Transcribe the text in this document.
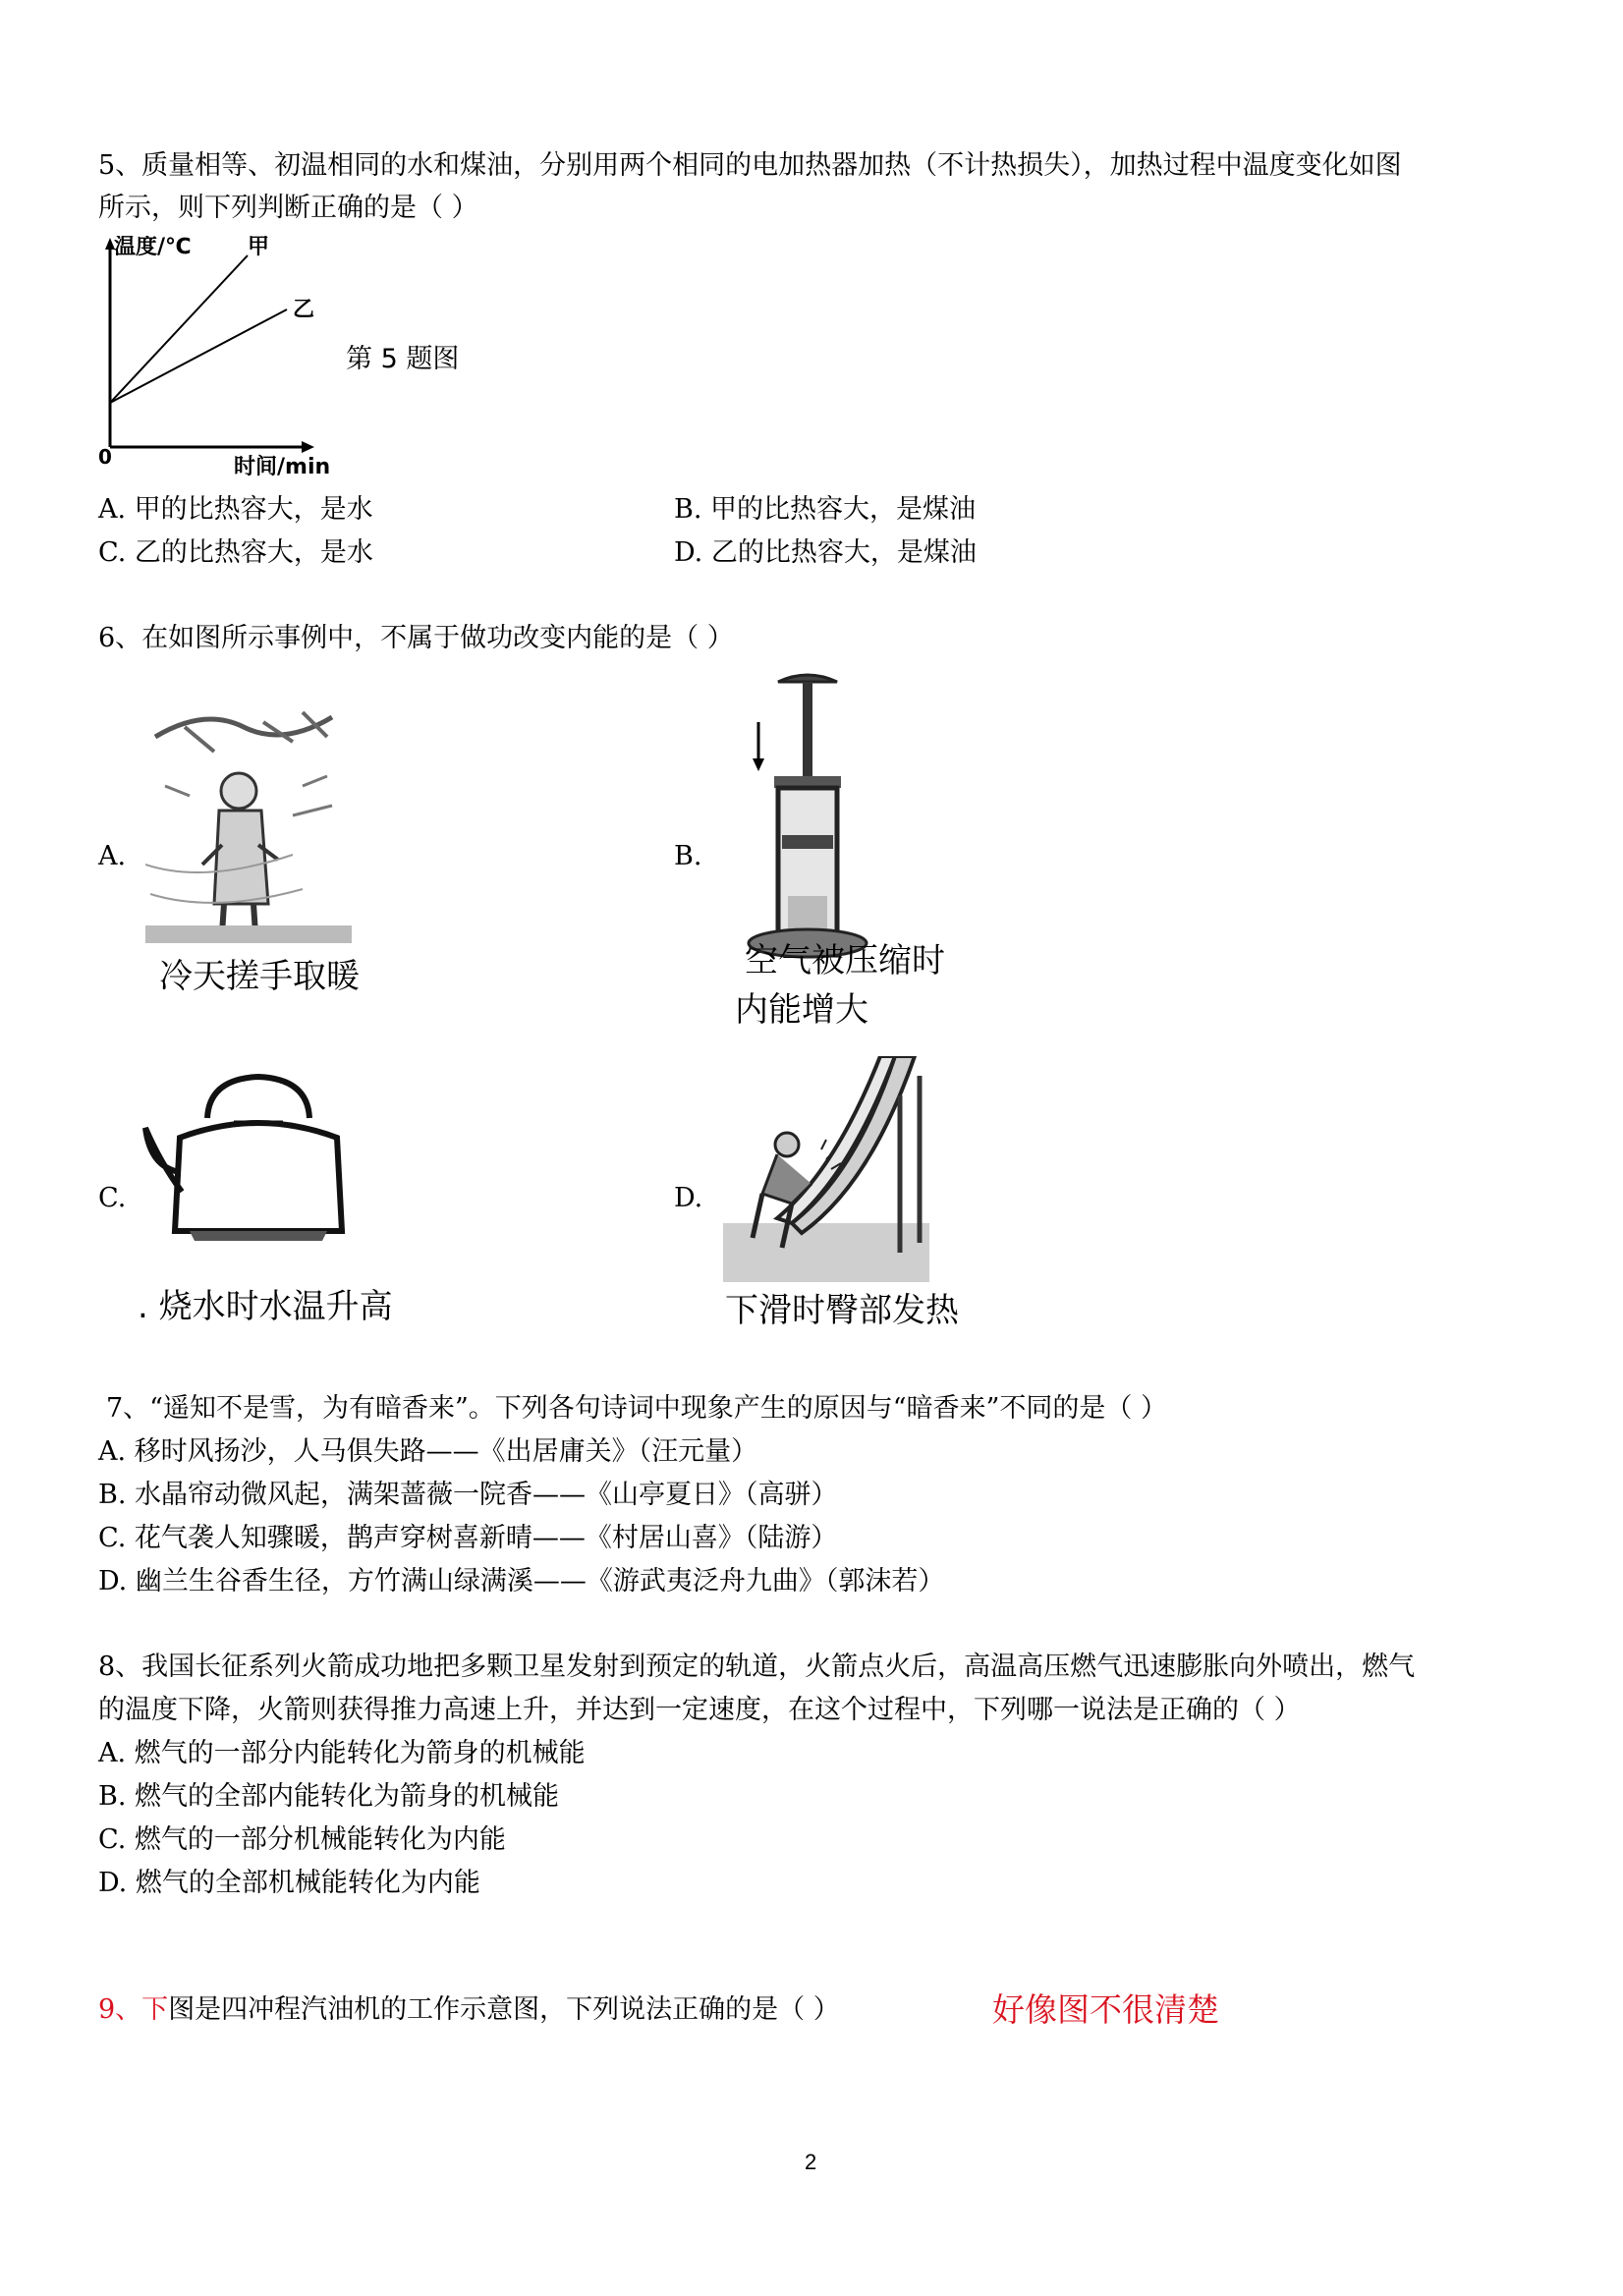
5、质量相等、初温相同的水和煤油，分别用两个相同的电加热器加热（不计热损失），加热过程中温度变化如图
所示，则下列判断正确的是（ ）
温度/℃	甲
乙
0	时间/min
第 5 题图
A. 甲的比热容大，是水	B. 甲的比热容大，是煤油
C. 乙的比热容大，是水	D. 乙的比热容大，是煤油
6、在如图所示事例中，不属于做功改变内能的是（ ）
A.
冷天搓手取暖
B.
空气被压缩时
内能增大
C.
. 烧水时水温升高
D.
下滑时臀部发热
7、“遥知不是雪，为有暗香来”。下列各句诗词中现象产生的原因与“暗香来”不同的是（ ）
A. 移时风扬沙，人马俱失路——《出居庸关》（汪元量）
B. 水晶帘动微风起，满架蔷薇一院香——《山亭夏日》（高骈）
C. 花气袭人知骤暖，鹊声穿树喜新晴——《村居山喜》（陆游）
D. 幽兰生谷香生径，方竹满山绿满溪——《游武夷泛舟九曲》（郭沫若）
8、我国长征系列火箭成功地把多颗卫星发射到预定的轨道，火箭点火后，高温高压燃气迅速膨胀向外喷出，燃气
的温度下降，火箭则获得推力高速上升，并达到一定速度，在这个过程中，下列哪一说法是正确的（ ）
A. 燃气的一部分内能转化为箭身的机械能
B. 燃气的全部内能转化为箭身的机械能
C. 燃气的一部分机械能转化为内能
D. 燃气的全部机械能转化为内能
9、下图是四冲程汽油机的工作示意图，下列说法正确的是（ ）	好像图不很清楚
2
